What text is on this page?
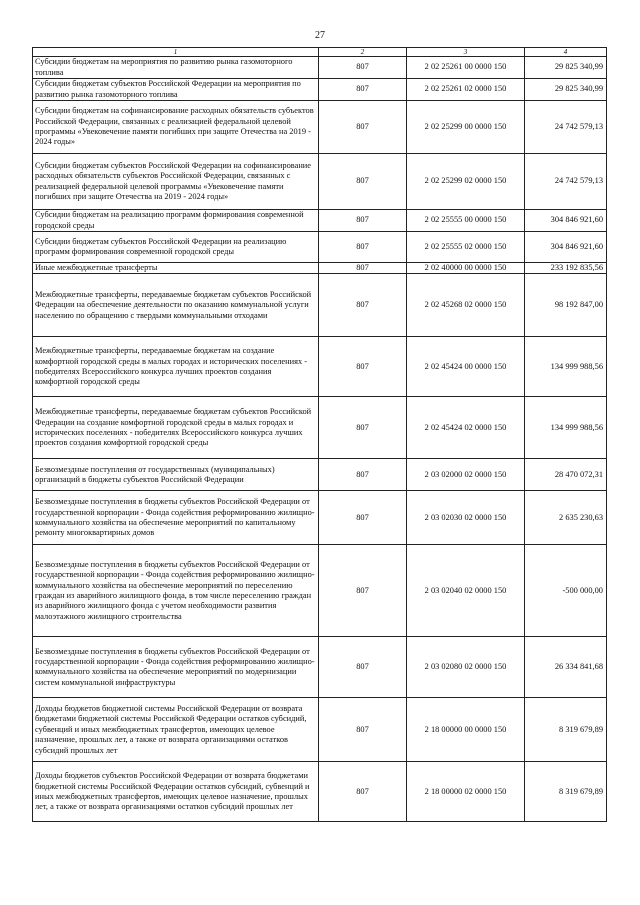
27
1	2	3	4
Субсидии бюджетам на мероприятия по развитию рынка газомоторного топлива	807	2 02 25261 00 0000 150	29 825 340,99
Субсидии бюджетам субъектов Российской Федерации на мероприятия по развитию рынка газомоторного топлива	807	2 02 25261 02 0000 150	29 825 340,99
Субсидии бюджетам на софинансирование расходных обязательств субъектов Российской Федерации, связанных с реализацией федеральной целевой программы «Увековечение памяти погибших при защите Отечества на 2019 - 2024 годы»	807	2 02 25299 00 0000 150	24 742 579,13
Субсидии бюджетам субъектов Российской Федерации на софинансирование расходных обязательств субъектов Российской Федерации, связанных с реализацией федеральной целевой программы «Увековечение памяти погибших при защите Отечества на 2019 - 2024 годы»	807	2 02 25299 02 0000 150	24 742 579,13
Субсидии бюджетам на реализацию программ формирования современной городской среды	807	2 02 25555 00 0000 150	304 846 921,60
Субсидии бюджетам субъектов Российской Федерации на реализацию программ формирования современной городской среды	807	2 02 25555 02 0000 150	304 846 921,60
Иные межбюджетные трансферты	807	2 02 40000 00 0000 150	233 192 835,56
Межбюджетные трансферты, передаваемые бюджетам субъектов Российской Федерации на обеспечение деятельности по оказанию коммунальной услуги населению по обращению с твердыми коммунальными отходами	807	2 02 45268 02 0000 150	98 192 847,00
Межбюджетные трансферты, передаваемые бюджетам на создание комфортной городской среды в малых городах и исторических поселениях - победителях Всероссийского конкурса лучших проектов создания комфортной городской среды	807	2 02 45424 00 0000 150	134 999 988,56
Межбюджетные трансферты, передаваемые бюджетам субъектов Российской Федерации на создание комфортной городской среды в малых городах и исторических поселениях - победителях Всероссийского конкурса лучших проектов создания комфортной городской среды	807	2 02 45424 02 0000 150	134 999 988,56
Безвозмездные поступления от государственных (муниципальных) организаций в бюджеты субъектов Российской Федерации	807	2 03 02000 02 0000 150	28 470 072,31
Безвозмездные поступления в бюджеты субъектов Российской Федерации от государственной корпорации - Фонда содействия реформированию жилищно-коммунального хозяйства на обеспечение мероприятий по капитальному ремонту многоквартирных домов	807	2 03 02030 02 0000 150	2 635 230,63
Безвозмездные поступления в бюджеты субъектов Российской Федерации от государственной корпорации - Фонда содействия реформированию жилищно-коммунального хозяйства на обеспечение мероприятий по переселению граждан из аварийного жилищного фонда, в том числе переселению граждан из аварийного жилищного фонда с учетом необходимости развития малоэтажного жилищного строительства	807	2 03 02040 02 0000 150	-500 000,00
Безвозмездные поступления в бюджеты субъектов Российской Федерации от государственной корпорации - Фонда содействия реформированию жилищно-коммунального хозяйства на обеспечение мероприятий по модернизации систем коммунальной инфраструктуры	807	2 03 02080 02 0000 150	26 334 841,68
Доходы бюджетов бюджетной системы Российской Федерации от возврата бюджетами бюджетной системы Российской Федерации остатков субсидий, субвенций и иных межбюджетных трансфертов, имеющих целевое назначение, прошлых лет, а также от возврата организациями остатков субсидий прошлых лет	807	2 18 00000 00 0000 150	8 319 679,89
Доходы бюджетов субъектов Российской Федерации от возврата бюджетами бюджетной системы Российской Федерации остатков субсидий, субвенций и иных межбюджетных трансфертов, имеющих целевое назначение, прошлых лет, а также от возврата организациями остатков субсидий прошлых лет	807	2 18 00000 02 0000 150	8 319 679,89
